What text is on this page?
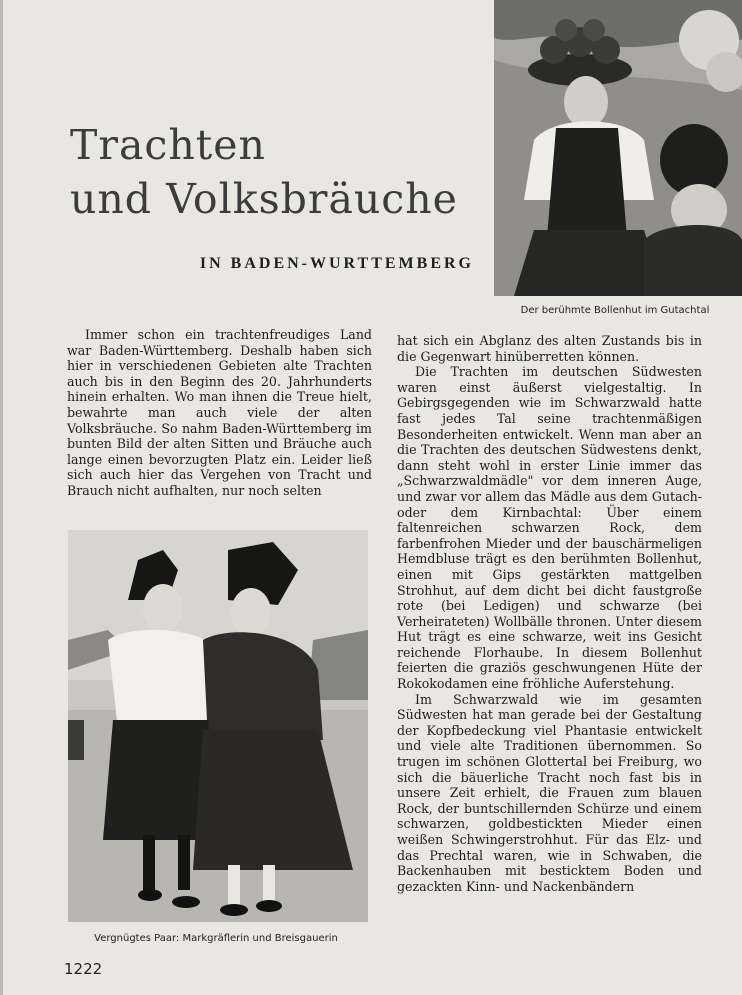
Trachten
und Volksbräuche

IN BADEN-WURTTEMBERG

Der berühmte Bollenhut im Gutachtal

Immer schon ein trachtenfreudiges Land war Baden-Württemberg. Deshalb haben sich hier in verschiedenen Gebieten alte Trachten auch bis in den Beginn des 20. Jahrhunderts hinein erhalten. Wo man ihnen die Treue hielt, bewahrte man auch viele der alten Volksbräuche. So nahm Baden-Württemberg im bunten Bild der alten Sitten und Bräuche auch lange einen bevorzugten Platz ein. Leider ließ sich auch hier das Vergehen von Tracht und Brauch nicht aufhalten, nur noch selten

Vergnügtes Paar: Markgräflerin und Breisgauerin

hat sich ein Abglanz des alten Zustands bis in die Gegenwart hinüberretten können.

Die Trachten im deutschen Südwesten waren einst äußerst vielgestaltig. In Gebirgsgegenden wie im Schwarzwald hatte fast jedes Tal seine trachtenmäßigen Besonderheiten entwickelt. Wenn man aber an die Trachten des deutschen Südwestens denkt, dann steht wohl in erster Linie immer das „Schwarzwaldmädle" vor dem inneren Auge, und zwar vor allem das Mädle aus dem Gutach- oder dem Kirnbachtal: Über einem faltenreichen schwarzen Rock, dem farbenfrohen Mieder und der bauschärmeligen Hemdbluse trägt es den berühmten Bollenhut, einen mit Gips gestärkten mattgelben Strohhut, auf dem dicht bei dicht faustgroße rote (bei Ledigen) und schwarze (bei Verheirateten) Wollbälle thronen. Unter diesem Hut trägt es eine schwarze, weit ins Gesicht reichende Florhaube. In diesem Bollenhut feierten die graziös geschwungenen Hüte der Rokokodamen eine fröhliche Auferstehung.

Im Schwarzwald wie im gesamten Südwesten hat man gerade bei der Gestaltung der Kopfbedeckung viel Phantasie entwickelt und viele alte Traditionen übernommen. So trugen im schönen Glottertal bei Freiburg, wo sich die bäuerliche Tracht noch fast bis in unsere Zeit erhielt, die Frauen zum blauen Rock, der buntschillernden Schürze und einem schwarzen, goldbestickten Mieder einen weißen Schwingerstrohhut. Für das Elz- und das Prechtal waren, wie in Schwaben, die Backenhauben mit besticktem Boden und gezackten Kinn- und Nackenbändern

1222
